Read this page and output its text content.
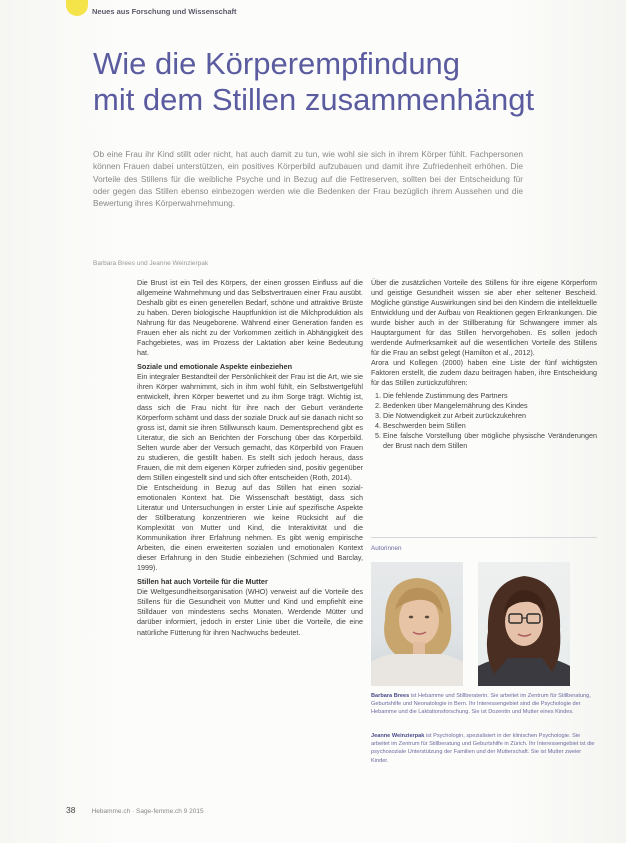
Neues aus Forschung und Wissenschaft
Wie die Körperempfindung
mit dem Stillen zusammenhängt
Ob eine Frau ihr Kind stillt oder nicht, hat auch damit zu tun, wie wohl sie sich in ihrem Körper fühlt. Fachpersonen können Frauen dabei unterstützen, ein positives Körperbild aufzubauen und damit ihre Zufriedenheit erhöhen. Die Vorteile des Stillens für die weibliche Psyche und in Bezug auf die Fettreserven, sollten bei der Entscheidung für oder gegen das Stillen ebenso einbezogen werden wie die Bedenken der Frau bezüglich ihrem Aussehen und die Bewertung ihres Körperwahrnehmung.
Barbara Brees und Jeanne Weinzierpak

Die Brust ist ein Teil des Körpers, der einen grossen Einfluss auf die allgemeine Wahrnehmung und das Selbstvertrauen einer Frau ausübt. Deshalb gibt es einen generellen Bedarf, schöne und attraktive Brüste zu haben. Deren biologische Hauptfunktion ist die Milchproduktion als Nahrung für das Neugeborene. Während einer Generation fanden es Frauen eher als nicht zu der Vorkommen zeitlich in Abhängigkeit des Fachgebietes, was im Prozess der Laktation aber keine Bedeutung hat.

Soziale und emotionale Aspekte einbeziehen

Ein integraler Bestandteil der Persönlichkeit der Frau ist die Art, wie sie ihren Körper wahrnimmt, sich in ihm wohl fühlt, ein Selbstwertgefühl entwickelt, ihren Körper bewertet und zu ihm Sorge trägt. Wichtig ist, dass sich die Frau nicht für ihre nach der Geburt veränderte Körperform schämt und dass der soziale Druck auf sie danach nicht so gross ist, damit sie ihren Stillwunsch kaum. Dementsprechend gibt es Literatur, die sich an Berichten der Forschung über das Körperbild. Selten wurde aber der Versuch gemacht, das Körperbild von Frauen zu studieren, die gestillt haben. Es stellt sich jedoch heraus, dass Frauen, die mit dem eigenen Körper zufrieden sind, positiv gegenüber dem Stillen eingestellt sind und sich öfter entscheiden (Roth, 2014).

Die Entscheidung in Bezug auf das Stillen hat einen sozial-emotionalen Kontext hat. Die Wissenschaft bestätigt, dass sich Literatur und Untersuchungen in erster Linie auf spezifische Aspekte der Stillberatung konzentrieren wie keine Rücksicht auf die Komplexität von Mutter und Kind, die Interaktivität und die Kommunikation ihrer Erfahrung nehmen. Es gibt wenig empirische Arbeiten, die einen erweiterten sozialen und emotionalen Kontext dieser Erfahrung in den Studie einbeziehen (Schmied und Barclay, 1999).

Stillen hat auch Vorteile für die Mutter

Die Weltgesundheitsorganisation (WHO) verweist auf die Vorteile des Stillens für die Gesundheit von Mutter und Kind und empfiehlt eine Stilldauer von mindestens sechs Monaten. Werdende Mütter und darüber informiert, jedoch in erster Linie über die Vorteile, die eine natürliche Fütterung für ihren Nachwuchs bedeutet.

Über die zusätzlichen Vorteile des Stillens für ihre eigene Körperform und geistige Gesundheit wissen sie aber eher seltener Bescheid. Mögliche günstige Auswirkungen sind bei den Kindern die intellektuelle Entwicklung und der Aufbau von Reaktionen gegen Erkrankungen. Die wurde bisher auch in der Stillberatung für Schwangere immer als Hauptargument für das Stillen hervorgehoben. Es sollen jedoch werdende Aufmerksamkeit auf die wesentlichen Vorteile des Stillens für die Frau an selbst gelegt (Hamilton et al., 2012).

Arora und Kollegen (2000) haben eine Liste der fünf wichtigsten Faktoren erstellt, die zudem dazu beitragen haben, ihre Entscheidung für das Stillen zurückzuführen:

1. Die fehlende Zustimmung des Partners
2. Bedenken über Mangelernährung des Kindes
3. Die Notwendigkeit zur Arbeit zurückzukehren
4. Beschwerden beim Stillen
5. Eine falsche Vorstellung über mögliche physische Veränderungen der Brust nach dem Stillen
Autorinnen
Barbara Brees ist Hebamme und Stillberaterin. Sie arbeitet im Zentrum für Stillberatung, Geburtshilfe und Neonatologie in Bern. Ihr Interessengebiet sind die Psychologie der Hebamme und die Laktationsforschung. Sie ist Dozentin und Mutter eines Kindes.
Jeanne Weinzierpak ist Psychologin, spezialisiert in der klinischen Psychologie. Sie arbeitet im Zentrum für Stillberatung und Geburtshilfe in Zürich. Ihr Interessengebiet ist die psychosoziale Unterstützung der Familien und der Mutterschaft. Sie ist Mutter zweier Kinder.
38 Hebamme.ch · Sage-femme.ch 9 2015
